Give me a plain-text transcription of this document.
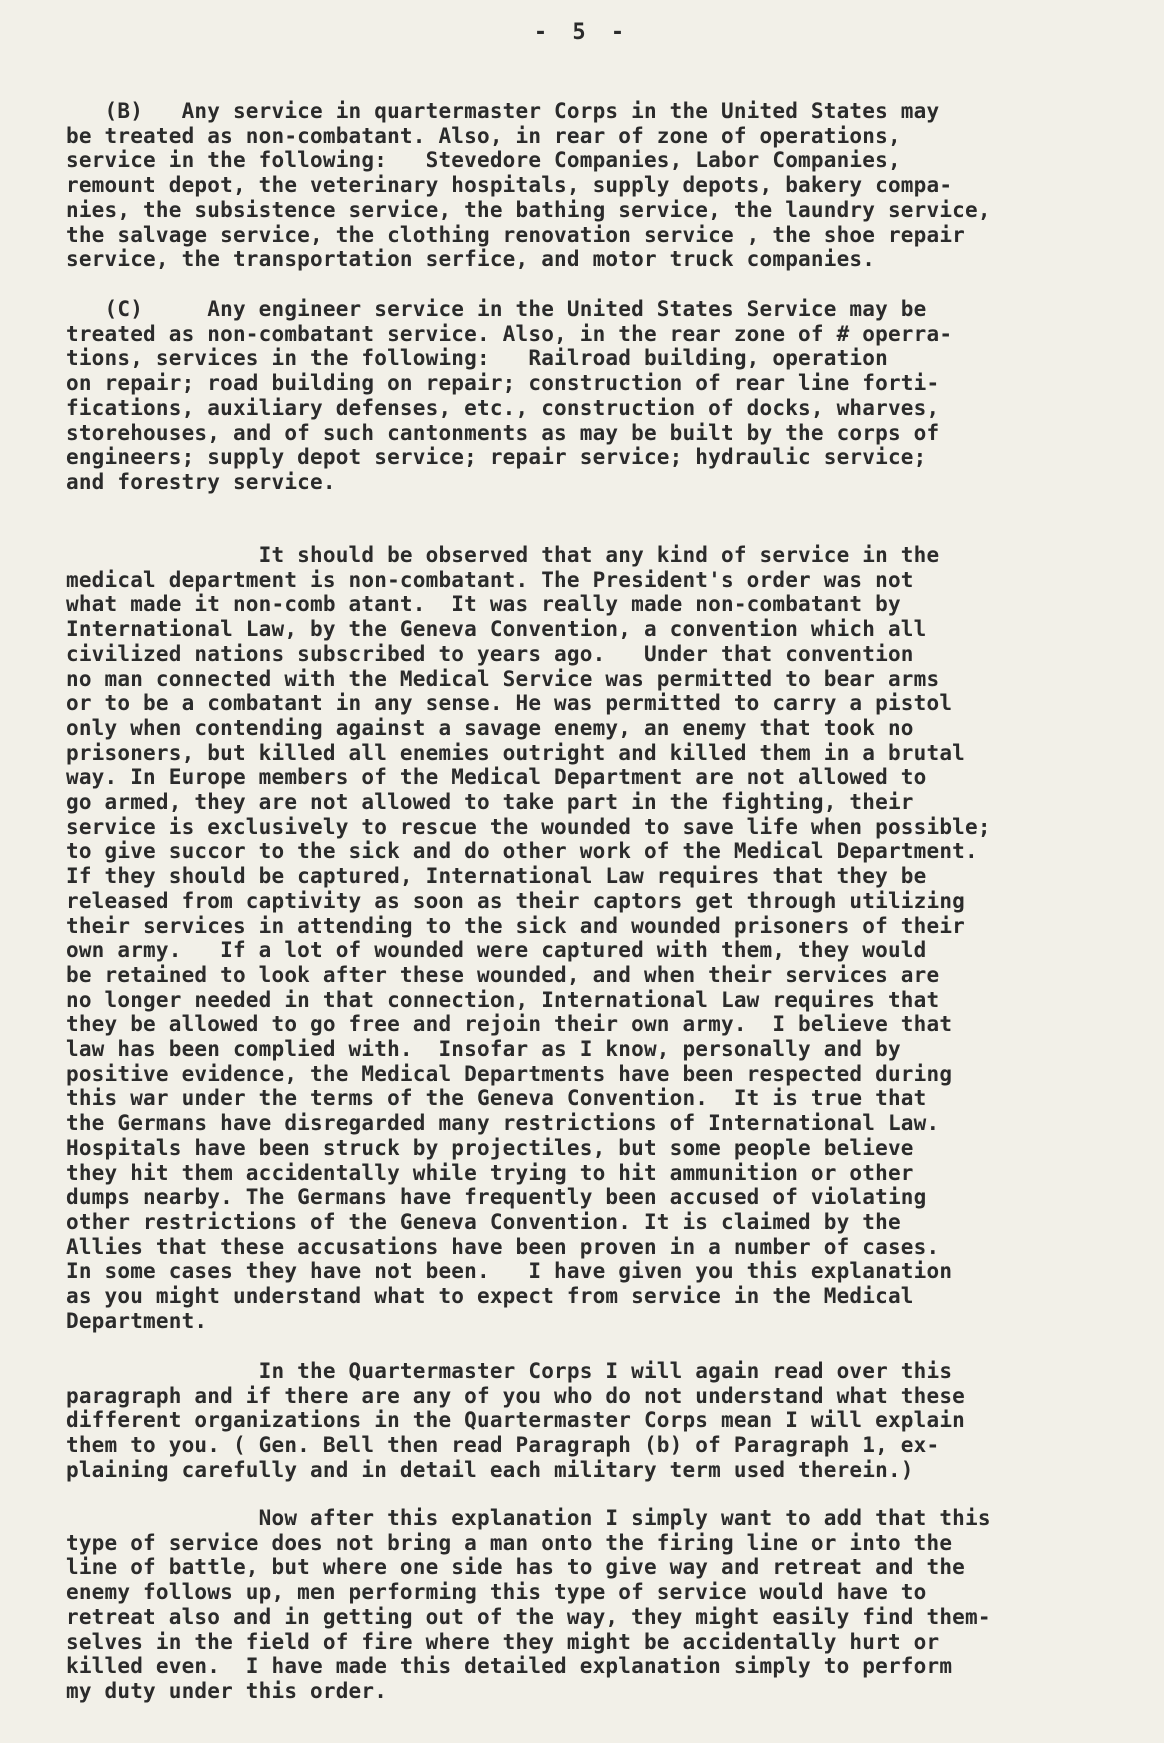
- 5 -
(B)   Any service in quartermaster Corps in the United States may
be treated as non-combatant. Also, in rear of zone of operations,
service in the following:   Stevedore Companies, Labor Companies,
remount depot, the veterinary hospitals, supply depots, bakery compa-
nies, the subsistence service, the bathing service, the laundry service,
the salvage service, the clothing renovation service , the shoe repair
service, the transportation serfice, and motor truck companies.
(C)     Any engineer service in the United States Service may be
treated as non-combatant service. Also, in the rear zone of # operra-
tions, services in the following:   Railroad building, operation
on repair; road building on repair; construction of rear line forti-
fications, auxiliary defenses, etc., construction of docks, wharves,
storehouses, and of such cantonments as may be built by the corps of
engineers; supply depot service; repair service; hydraulic service;
and forestry service.
It should be observed that any kind of service in the
medical department is non-combatant. The President's order was not
what made it non-comb atant.  It was really made non-combatant by
International Law, by the Geneva Convention, a convention which all
civilized nations subscribed to years ago.   Under that convention
no man connected with the Medical Service was permitted to bear arms
or to be a combatant in any sense. He was permitted to carry a pistol
only when contending against a savage enemy, an enemy that took no
prisoners, but killed all enemies outright and killed them in a brutal
way. In Europe members of the Medical Department are not allowed to
go armed, they are not allowed to take part in the fighting, their
service is exclusively to rescue the wounded to save life when possible;
to give succor to the sick and do other work of the Medical Department.
If they should be captured, International Law requires that they be
released from captivity as soon as their captors get through utilizing
their services in attending to the sick and wounded prisoners of their
own army.   If a lot of wounded were captured with them, they would
be retained to look after these wounded, and when their services are
no longer needed in that connection, International Law requires that
they be allowed to go free and rejoin their own army.  I believe that
law has been complied with.  Insofar as I know, personally and by
positive evidence, the Medical Departments have been respected during
this war under the terms of the Geneva Convention.  It is true that
the Germans have disregarded many restrictions of International Law.
Hospitals have been struck by projectiles, but some people believe
they hit them accidentally while trying to hit ammunition or other
dumps nearby. The Germans have frequently been accused of violating
other restrictions of the Geneva Convention. It is claimed by the
Allies that these accusations have been proven in a number of cases.
In some cases they have not been.   I have given you this explanation
as you might understand what to expect from service in the Medical
Department.
In the Quartermaster Corps I will again read over this
paragraph and if there are any of you who do not understand what these
different organizations in the Quartermaster Corps mean I will explain
them to you. ( Gen. Bell then read Paragraph (b) of Paragraph 1, ex-
plaining carefully and in detail each military term used therein.)
Now after this explanation I simply want to add that this
type of service does not bring a man onto the firing line or into the
line of battle, but where one side has to give way and retreat and the
enemy follows up, men performing this type of service would have to
retreat also and in getting out of the way, they might easily find them-
selves in the field of fire where they might be accidentally hurt or
killed even.  I have made this detailed explanation simply to perform
my duty under this order.
